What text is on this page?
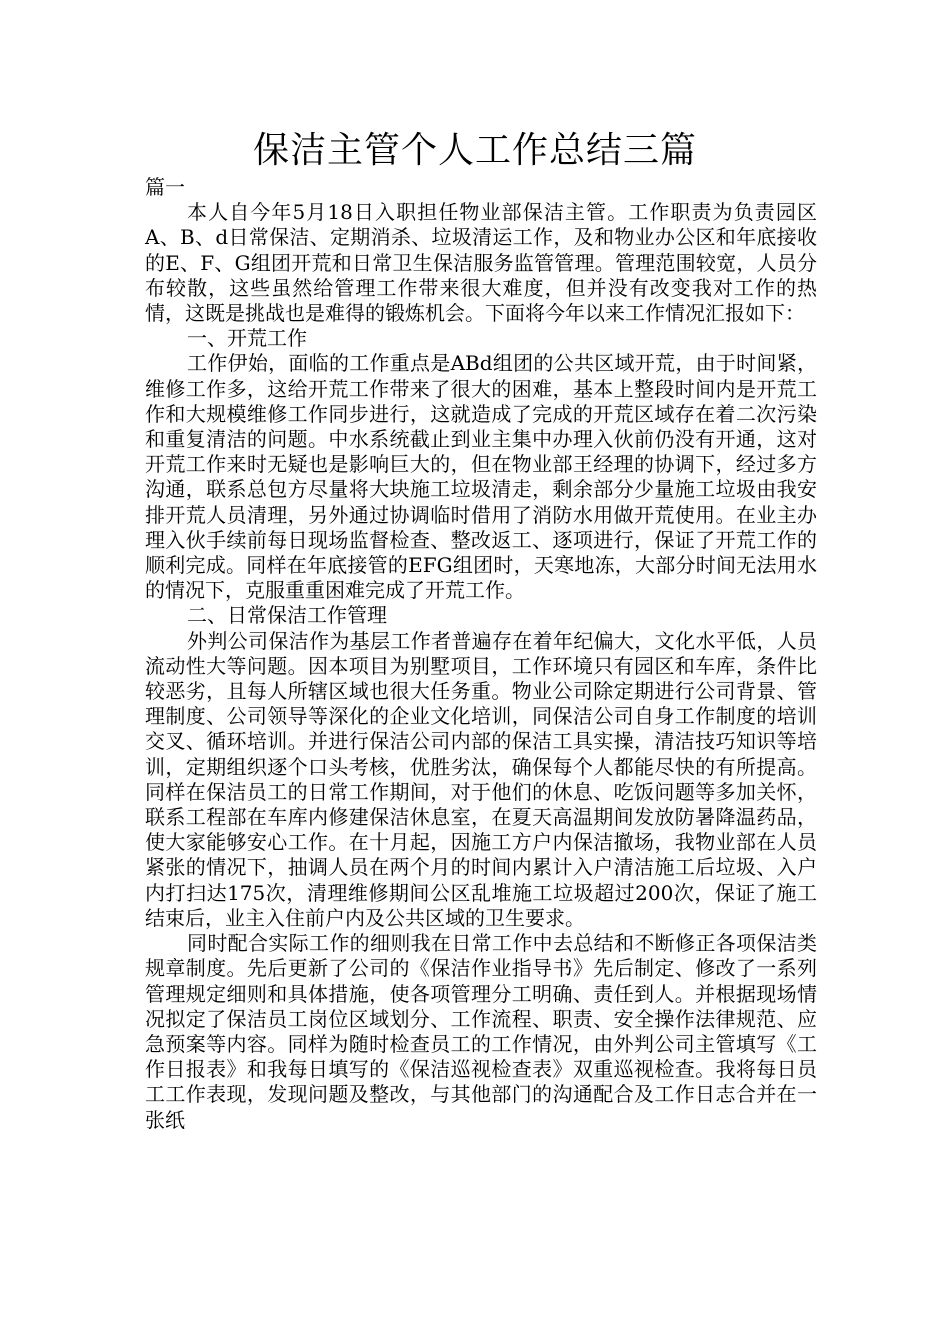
保洁主管个人工作总结三篇

篇一

本人自今年5月18日入职担任物业部保洁主管。工作职责为负责园区A、B、d日常保洁、定期消杀、垃圾清运工作，及和物业办公区和年底接收的E、F、G组团开荒和日常卫生保洁服务监管管理。管理范围较宽，人员分布较散，这些虽然给管理工作带来很大难度，但并没有改变我对工作的热情，这既是挑战也是难得的锻炼机会。下面将今年以来工作情况汇报如下：

一、开荒工作

工作伊始，面临的工作重点是ABd组团的公共区域开荒，由于时间紧，维修工作多，这给开荒工作带来了很大的困难，基本上整段时间内是开荒工作和大规模维修工作同步进行，这就造成了完成的开荒区域存在着二次污染和重复清洁的问题。中水系统截止到业主集中办理入伙前仍没有开通，这对开荒工作来时无疑也是影响巨大的，但在物业部王经理的协调下，经过多方沟通，联系总包方尽量将大块施工垃圾清走，剩余部分少量施工垃圾由我安排开荒人员清理，另外通过协调临时借用了消防水用做开荒使用。在业主办理入伙手续前每日现场监督检查、整改返工、逐项进行，保证了开荒工作的顺利完成。同样在年底接管的EFG组团时，天寒地冻，大部分时间无法用水的情况下，克服重重困难完成了开荒工作。

二、日常保洁工作管理

外判公司保洁作为基层工作者普遍存在着年纪偏大，文化水平低，人员流动性大等问题。因本项目为别墅项目，工作环境只有园区和车库，条件比较恶劣，且每人所辖区域也很大任务重。物业公司除定期进行公司背景、管理制度、公司领导等深化的企业文化培训，同保洁公司自身工作制度的培训交叉、循环培训。并进行保洁公司内部的保洁工具实操，清洁技巧知识等培训，定期组织逐个口头考核，优胜劣汰，确保每个人都能尽快的有所提高。同样在保洁员工的日常工作期间，对于他们的休息、吃饭问题等多加关怀，联系工程部在车库内修建保洁休息室，在夏天高温期间发放防暑降温药品，使大家能够安心工作。在十月起，因施工方户内保洁撤场，我物业部在人员紧张的情况下，抽调人员在两个月的时间内累计入户清洁施工后垃圾、入户内打扫达175次，清理维修期间公区乱堆施工垃圾超过200次，保证了施工结束后，业主入住前户内及公共区域的卫生要求。

同时配合实际工作的细则我在日常工作中去总结和不断修正各项保洁类规章制度。先后更新了公司的《保洁作业指导书》先后制定、修改了一系列管理规定细则和具体措施，使各项管理分工明确、责任到人。并根据现场情况拟定了保洁员工岗位区域划分、工作流程、职责、安全操作法律规范、应急预案等内容。同样为随时检查员工的工作情况，由外判公司主管填写《工作日报表》和我每日填写的《保洁巡视检查表》双重巡视检查。我将每日员工工作表现，发现问题及整改，与其他部门的沟通配合及工作日志合并在一张纸
